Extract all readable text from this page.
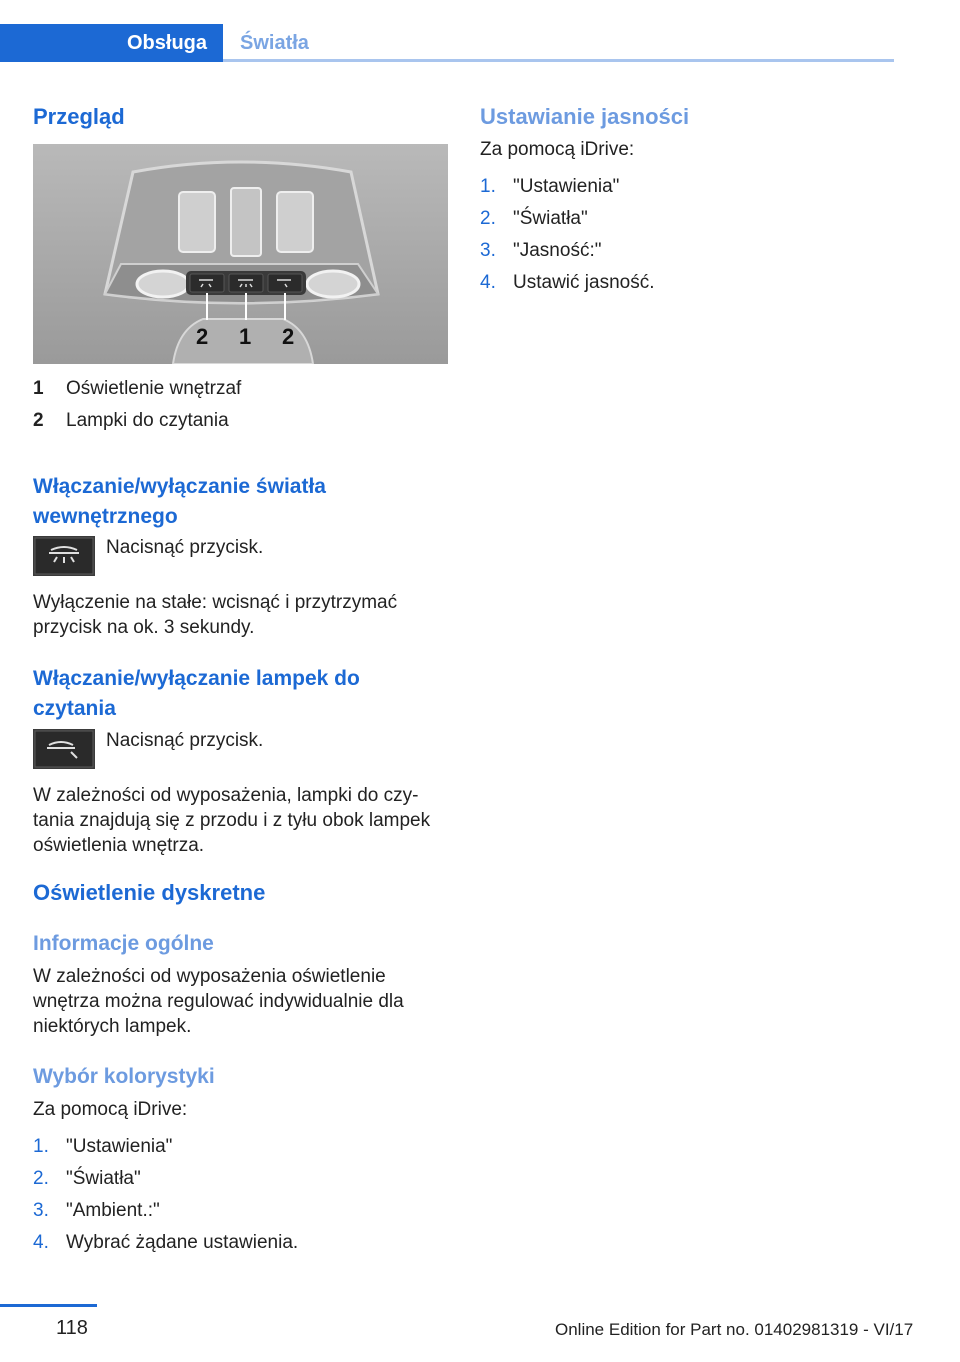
Obsługa Światła
Przegląd
2 1 2
1 Oświetlenie wnętrzaf
2 Lampki do czytania

Włączanie/wyłączanie światła
wewnętrznego

Nacisnąć przycisk.

Wyłączenie na stałe: wcisnąć i przytrzymać
przycisk na ok. 3 sekundy.

Włączanie/wyłączanie lampek do
czytania

Nacisnąć przycisk.

W zależności od wyposażenia, lampki do czy‐
tania znajdują się z przodu i z tyłu obok lampek
oświetlenia wnętrza.

Oświetlenie dyskretne
Informacje ogólne

W zależności od wyposażenia oświetlenie
wnętrza można regulować indywidualnie dla
niektórych lampek.

Wybór kolorystyki

Za pomocą iDrive:

1. "Ustawienia"
2. "Światła"
3. "Ambient.:"
4. Wybrać żądane ustawienia.
Ustawianie jasności

Za pomocą iDrive:

1. "Ustawienia"
2. "Światła"
3. "Jasność:"
4. Ustawić jasność.
118	Online Edition for Part no. 01402981319 - VI/17
